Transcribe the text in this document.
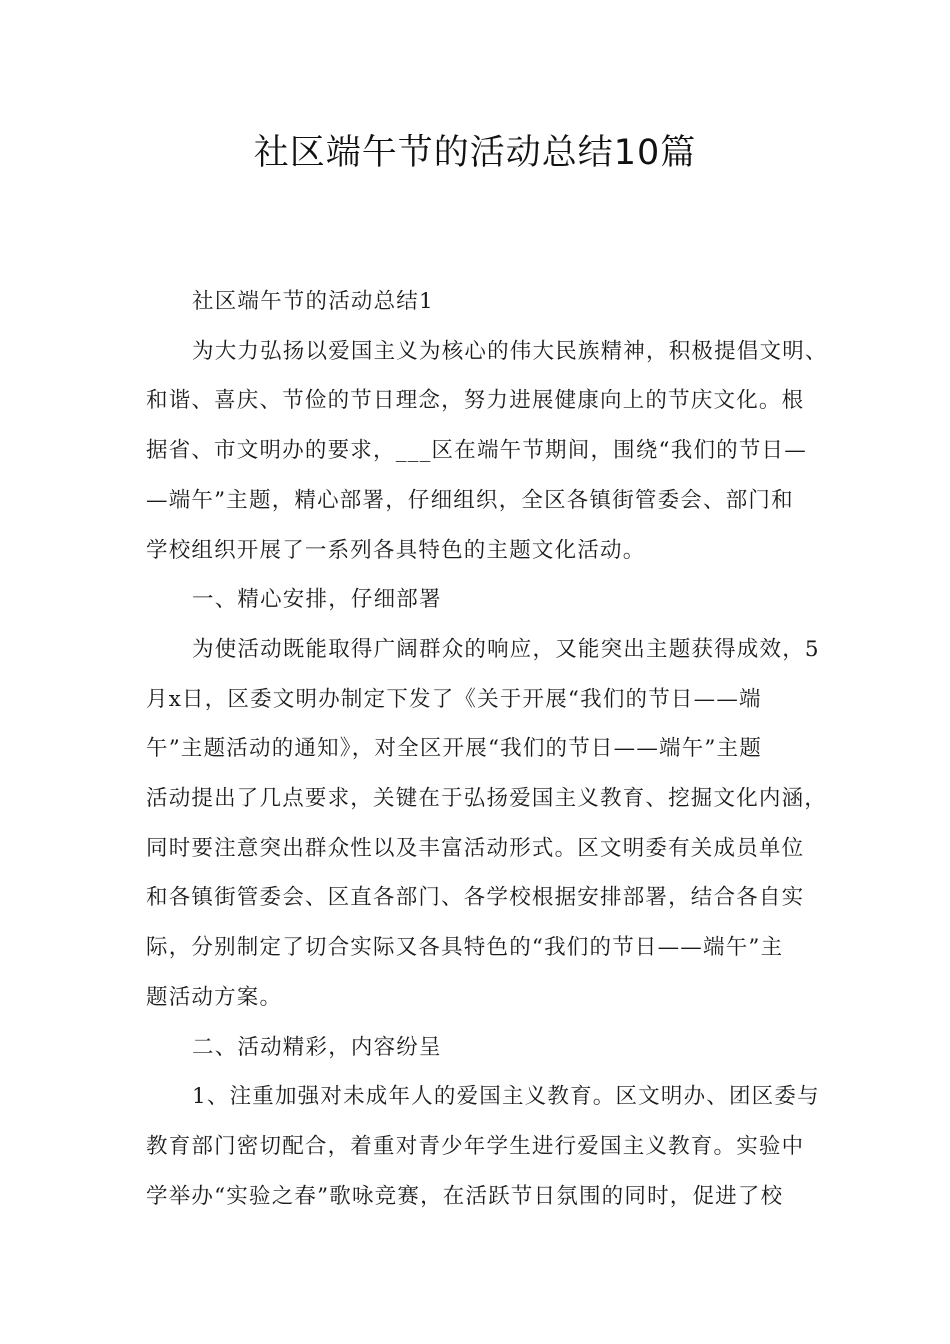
社区端午节的活动总结10篇
社区端午节的活动总结1
为大力弘扬以爱国主义为核心的伟大民族精神，积极提倡文明、
和谐、喜庆、节俭的节日理念，努力进展健康向上的节庆文化。根
据省、市文明办的要求，___区在端午节期间，围绕“我们的节日—
—端午”主题，精心部署，仔细组织，全区各镇街管委会、部门和
学校组织开展了一系列各具特色的主题文化活动。
一、精心安排，仔细部署
为使活动既能取得广阔群众的响应，又能突出主题获得成效，5
月x日，区委文明办制定下发了《关于开展“我们的节日——端
午”主题活动的通知》，对全区开展“我们的节日——端午”主题
活动提出了几点要求，关键在于弘扬爱国主义教育、挖掘文化内涵，
同时要注意突出群众性以及丰富活动形式。区文明委有关成员单位
和各镇街管委会、区直各部门、各学校根据安排部署，结合各自实
际，分别制定了切合实际又各具特色的“我们的节日——端午”主
题活动方案。
二、活动精彩，内容纷呈
1、注重加强对未成年人的爱国主义教育。区文明办、团区委与
教育部门密切配合，着重对青少年学生进行爱国主义教育。实验中
学举办“实验之春”歌咏竞赛，在活跃节日氛围的同时，促进了校
